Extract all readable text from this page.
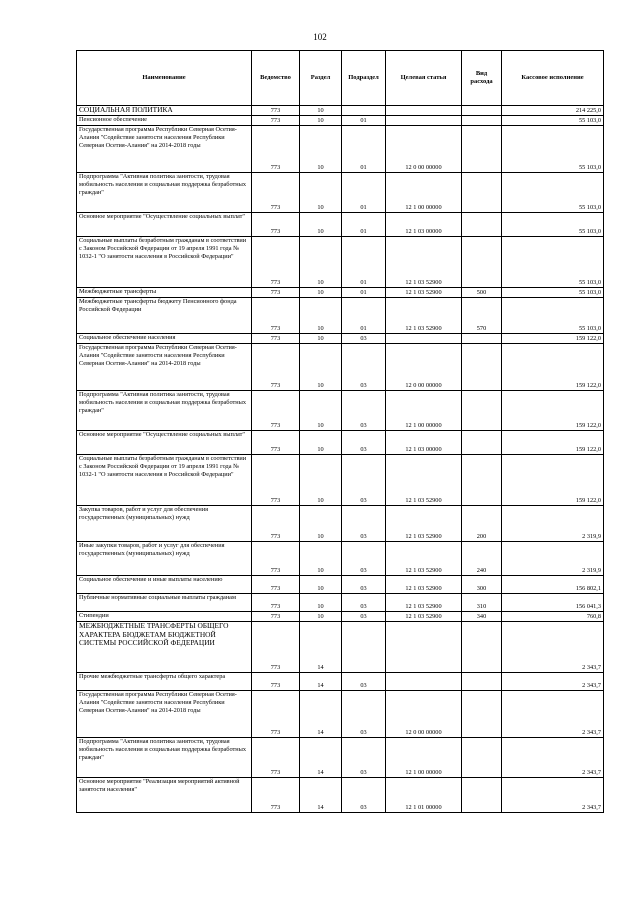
102
Наименование	Ведомство	Раздел	Подраздел	Целевая статья	Вид расхода	Кассовое исполнение
СОЦИАЛЬНАЯ ПОЛИТИКА	773	10				214 225,0
Пенсионное обеспечение	773	10	01			55 103,0
Государственная программа Республики Северная Осетия-Алания "Содействие занятости населения Республики Северная Осетия-Алания" на 2014-2018 годы	773	10	01	12 0 00 00000		55 103,0
Подпрограмма "Активная политика занятости, трудовая мобильность населения и социальная поддержка безработных граждан"	773	10	01	12 1 00 00000		55 103,0
Основное мероприятие "Осуществление социальных выплат"	773	10	01	12 1 03 00000		55 103,0
Социальные выплаты безработным гражданам в соответствии с Законом Российской Федерации от 19 апреля 1991 года № 1032-1 "О занятости населения в Российской Федерации"	773	10	01	12 1 03 52900		55 103,0
Межбюджетные трансферты	773	10	01	12 1 03 52900	500	55 103,0
Межбюджетные трансферты бюджету Пенсионного фонда Российской Федерации	773	10	01	12 1 03 52900	570	55 103,0
Социальное обеспечение населения	773	10	03			159 122,0
Государственная программа Республики Северная Осетия-Алания "Содействие занятости населения Республики Северная Осетия-Алания" на 2014-2018 годы	773	10	03	12 0 00 00000		159 122,0
Подпрограмма "Активная политика занятости, трудовая мобильность населения и социальная поддержка безработных граждан"	773	10	03	12 1 00 00000		159 122,0
Основное мероприятие "Осуществление социальных выплат"	773	10	03	12 1 03 00000		159 122,0
Социальные выплаты безработным гражданам в соответствии с Законом Российской Федерации от 19 апреля 1991 года № 1032-1 "О занятости населения в Российской Федерации"	773	10	03	12 1 03 52900		159 122,0
Закупка товаров, работ и услуг для обеспечения государственных (муниципальных) нужд	773	10	03	12 1 03 52900	200	2 319,9
Иные закупки товаров, работ и услуг для обеспечения государственных (муниципальных) нужд	773	10	03	12 1 03 52900	240	2 319,9
Социальное обеспечение и иные выплаты населению	773	10	03	12 1 03 52900	300	156 802,1
Публичные нормативные социальные выплаты гражданам	773	10	03	12 1 03 52900	310	156 041,3
Стипендии	773	10	03	12 1 03 52900	340	760,8
МЕЖБЮДЖЕТНЫЕ ТРАНСФЕРТЫ ОБЩЕГО ХАРАКТЕРА БЮДЖЕТАМ БЮДЖЕТНОЙ СИСТЕМЫ РОССИЙСКОЙ ФЕДЕРАЦИИ	773	14				2 343,7
Прочие межбюджетные трансферты общего характера	773	14	03			2 343,7
Государственная программа Республики Северная Осетия-Алания "Содействие занятости населения Республики Северная Осетия-Алания" на 2014-2018 годы	773	14	03	12 0 00 00000		2 343,7
Подпрограмма "Активная политика занятости, трудовая мобильность населения и социальная поддержка безработных граждан"	773	14	03	12 1 00 00000		2 343,7
Основное мероприятие "Реализация мероприятий активной занятости населения"	773	14	03	12 1 01 00000		2 343,7
